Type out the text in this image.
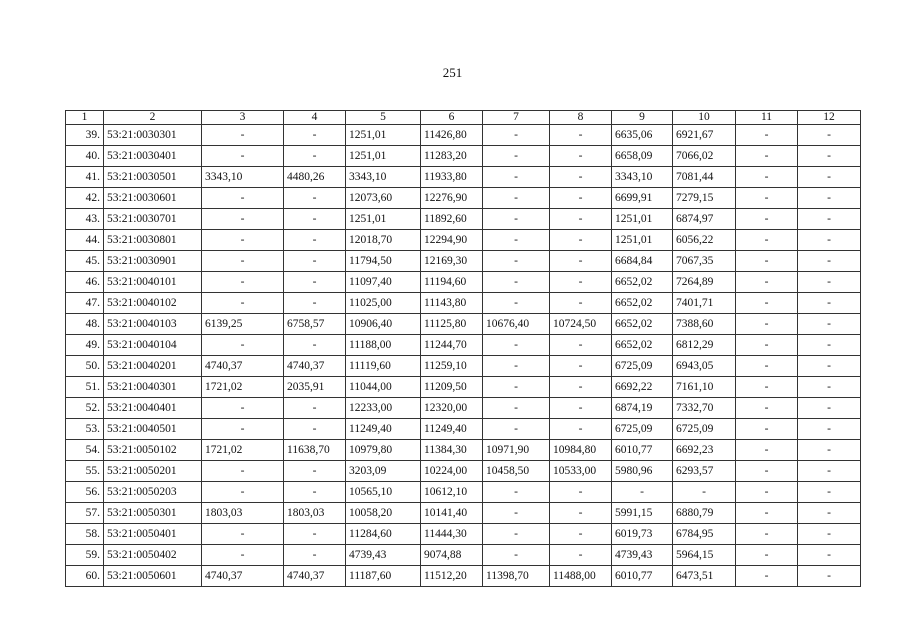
251
1	2	3	4	5	6	7	8	9	10	11	12
39.	53:21:0030301	-	-	1251,01	11426,80	-	-	6635,06	6921,67	-	-
40.	53:21:0030401	-	-	1251,01	11283,20	-	-	6658,09	7066,02	-	-
41.	53:21:0030501	3343,10	4480,26	3343,10	11933,80	-	-	3343,10	7081,44	-	-
42.	53:21:0030601	-	-	12073,60	12276,90	-	-	6699,91	7279,15	-	-
43.	53:21:0030701	-	-	1251,01	11892,60	-	-	1251,01	6874,97	-	-
44.	53:21:0030801	-	-	12018,70	12294,90	-	-	1251,01	6056,22	-	-
45.	53:21:0030901	-	-	11794,50	12169,30	-	-	6684,84	7067,35	-	-
46.	53:21:0040101	-	-	11097,40	11194,60	-	-	6652,02	7264,89	-	-
47.	53:21:0040102	-	-	11025,00	11143,80	-	-	6652,02	7401,71	-	-
48.	53:21:0040103	6139,25	6758,57	10906,40	11125,80	10676,40	10724,50	6652,02	7388,60	-	-
49.	53:21:0040104	-	-	11188,00	11244,70	-	-	6652,02	6812,29	-	-
50.	53:21:0040201	4740,37	4740,37	11119,60	11259,10	-	-	6725,09	6943,05	-	-
51.	53:21:0040301	1721,02	2035,91	11044,00	11209,50	-	-	6692,22	7161,10	-	-
52.	53:21:0040401	-	-	12233,00	12320,00	-	-	6874,19	7332,70	-	-
53.	53:21:0040501	-	-	11249,40	11249,40	-	-	6725,09	6725,09	-	-
54.	53:21:0050102	1721,02	11638,70	10979,80	11384,30	10971,90	10984,80	6010,77	6692,23	-	-
55.	53:21:0050201	-	-	3203,09	10224,00	10458,50	10533,00	5980,96	6293,57	-	-
56.	53:21:0050203	-	-	10565,10	10612,10	-	-	-	-	-	-
57.	53:21:0050301	1803,03	1803,03	10058,20	10141,40	-	-	5991,15	6880,79	-	-
58.	53:21:0050401	-	-	11284,60	11444,30	-	-	6019,73	6784,95	-	-
59.	53:21:0050402	-	-	4739,43	9074,88	-	-	4739,43	5964,15	-	-
60.	53:21:0050601	4740,37	4740,37	11187,60	11512,20	11398,70	11488,00	6010,77	6473,51	-	-
